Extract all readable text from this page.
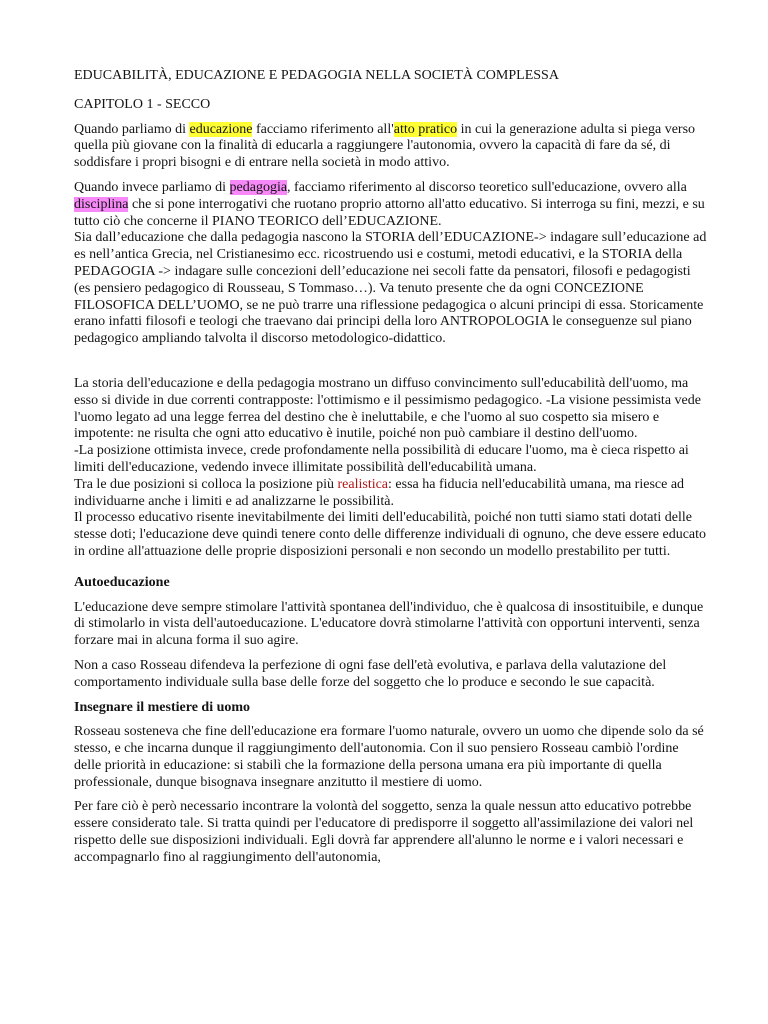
EDUCABILITÀ, EDUCAZIONE E PEDAGOGIA NELLA SOCIETÀ COMPLESSA
CAPITOLO 1 - SECCO

Quando parliamo di educazione facciamo riferimento all'atto pratico in cui la generazione adulta si piega verso quella più giovane con la finalità di educarla a raggiungere l'autonomia, ovvero la capacità di fare da sé, di soddisfare i propri bisogni e di entrare nella società in modo attivo.

Quando invece parliamo di pedagogia, facciamo riferimento al discorso teoretico sull'educazione, ovvero alla disciplina che si pone interrogativi che ruotano proprio attorno all'atto educativo. Si interroga su fini, mezzi, e su tutto ciò che concerne il PIANO TEORICO dell’EDUCAZIONE.
Sia dall’educazione che dalla pedagogia nascono la STORIA dell’EDUCAZIONE-> indagare sull’educazione ad es nell’antica Grecia, nel Cristianesimo ecc. ricostruendo usi e costumi, metodi educativi, e la STORIA della PEDAGOGIA -> indagare sulle concezioni dell’educazione nei secoli fatte da pensatori, filosofi e pedagogisti (es pensiero pedagogico di Rousseau, S Tommaso…). Va tenuto presente che da ogni CONCEZIONE FILOSOFICA DELL’UOMO, se ne può trarre una riflessione pedagogica o alcuni principi di essa. Storicamente erano infatti filosofi e teologi che traevano dai principi della loro ANTROPOLOGIA le conseguenze sul piano pedagogico ampliando talvolta il discorso metodologico-didattico.

La storia dell'educazione e della pedagogia mostrano un diffuso convincimento sull'educabilità dell'uomo, ma esso si divide in due correnti contrapposte: l'ottimismo e il pessimismo pedagogico. -La visione pessimista vede l'uomo legato ad una legge ferrea del destino che è ineluttabile, e che l'uomo al suo cospetto sia misero e impotente: ne risulta che ogni atto educativo è inutile, poiché non può cambiare il destino dell'uomo.
-La posizione ottimista invece, crede profondamente nella possibilità di educare l'uomo, ma è cieca rispetto ai limiti dell'educazione, vedendo invece illimitate possibilità dell'educabilità umana.
Tra le due posizioni si colloca la posizione più realistica: essa ha fiducia nell'educabilità umana, ma riesce ad individuarne anche i limiti e ad analizzarne le possibilità.
Il processo educativo risente inevitabilmente dei limiti dell'educabilità, poiché non tutti siamo stati dotati delle stesse doti; l'educazione deve quindi tenere conto delle differenze individuali di ognuno, che deve essere educato in ordine all'attuazione delle proprie disposizioni personali e non secondo un modello prestabilito per tutti.

Autoeducazione

L'educazione deve sempre stimolare l'attività spontanea dell'individuo, che è qualcosa di insostituibile, e dunque di stimolarlo in vista dell'autoeducazione. L'educatore dovrà stimolarne l'attività con opportuni interventi, senza forzare mai in alcuna forma il suo agire.

Non a caso Rosseau difendeva la perfezione di ogni fase dell'età evolutiva, e parlava della valutazione del comportamento individuale sulla base delle forze del soggetto che lo produce e secondo le sue capacità.

Insegnare il mestiere di uomo

Rosseau sosteneva che fine dell'educazione era formare l'uomo naturale, ovvero un uomo che dipende solo da sé stesso, e che incarna dunque il raggiungimento dell'autonomia. Con il suo pensiero Rosseau cambiò l'ordine delle priorità in educazione: si stabilì che la formazione della persona umana era più importante di quella professionale, dunque bisognava insegnare anzitutto il mestiere di uomo.

Per fare ciò è però necessario incontrare la volontà del soggetto, senza la quale nessun atto educativo potrebbe essere considerato tale. Si tratta quindi per l'educatore di predisporre il soggetto all'assimilazione dei valori nel rispetto delle sue disposizioni individuali. Egli dovrà far apprendere all'alunno le norme e i valori necessari e accompagnarlo fino al raggiungimento dell'autonomia,
